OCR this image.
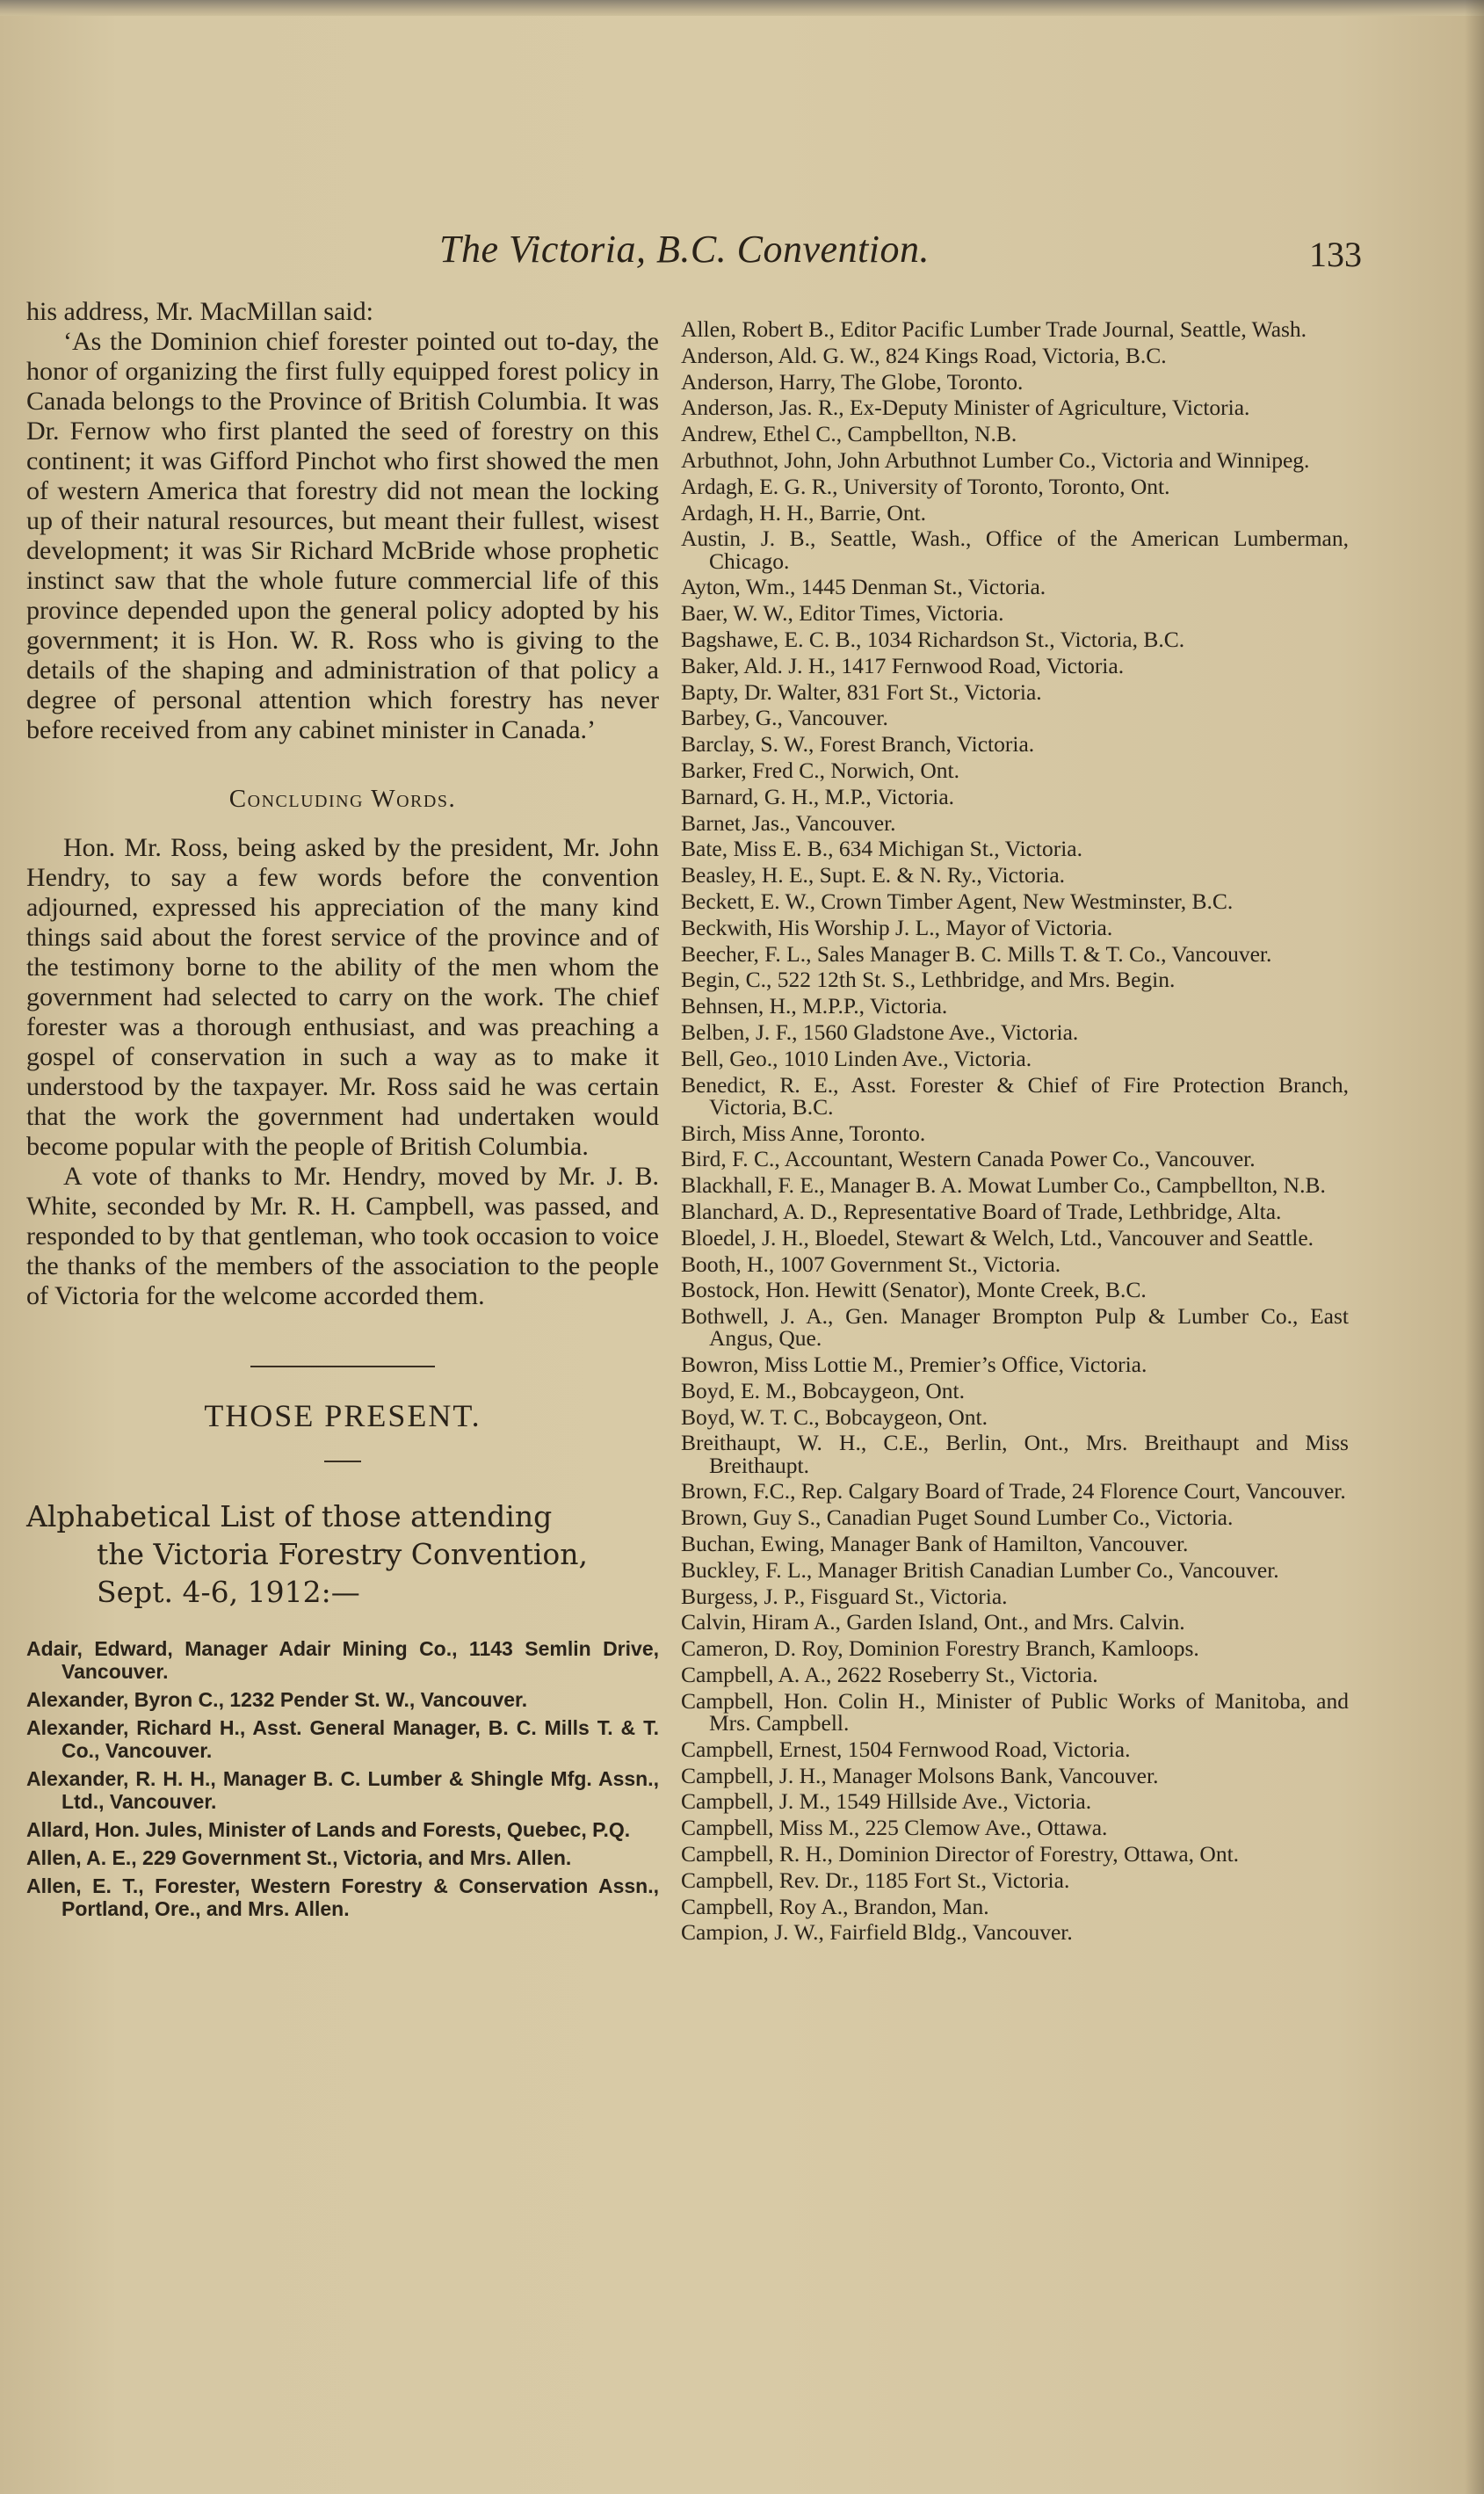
The Victoria, B.C. Convention.	133

his address, Mr. MacMillan said:

‘As the Dominion chief forester pointed out to-day, the honor of organizing the first fully equipped forest policy in Canada belongs to the Province of British Columbia. It was Dr. Fernow who first planted the seed of forestry on this continent; it was Gifford Pinchot who first showed the men of western America that forestry did not mean the locking up of their natural resources, but meant their fullest, wisest development; it was Sir Richard McBride whose prophetic instinct saw that the whole future commercial life of this province depended upon the general policy adopted by his government; it is Hon. W. R. Ross who is giving to the details of the shaping and administration of that policy a degree of personal attention which forestry has never before received from any cabinet minister in Canada.’

Concluding Words.

Hon. Mr. Ross, being asked by the president, Mr. John Hendry, to say a few words before the convention adjourned, expressed his appreciation of the many kind things said about the forest service of the province and of the testimony borne to the ability of the men whom the government had selected to carry on the work. The chief forester was a thorough enthusiast, and was preaching a gospel of conservation in such a way as to make it understood by the taxpayer. Mr. Ross said he was certain that the work the government had undertaken would become popular with the people of British Columbia.

A vote of thanks to Mr. Hendry, moved by Mr. J. B. White, seconded by Mr. R. H. Campbell, was passed, and responded to by that gentleman, who took occasion to voice the thanks of the members of the association to the people of Victoria for the welcome accorded them.

THOSE PRESENT.
Alphabetical List of those attending
the Victoria Forestry Convention,
Sept. 4-6, 1912:—

Adair, Edward, Manager Adair Mining Co., 1143 Semlin Drive, Vancouver.

Alexander, Byron C., 1232 Pender St. W., Vancouver.

Alexander, Richard H., Asst. General Manager, B. C. Mills T. & T. Co., Vancouver.

Alexander, R. H. H., Manager B. C. Lumber & Shingle Mfg. Assn., Ltd., Vancouver.

Allard, Hon. Jules, Minister of Lands and Forests, Quebec, P.Q.

Allen, A. E., 229 Government St., Victoria, and Mrs. Allen.

Allen, E. T., Forester, Western Forestry & Conservation Assn., Portland, Ore., and Mrs. Allen.

Allen, Robert B., Editor Pacific Lumber Trade Journal, Seattle, Wash.

Anderson, Ald. G. W., 824 Kings Road, Victoria, B.C.

Anderson, Harry, The Globe, Toronto.

Anderson, Jas. R., Ex-Deputy Minister of Agriculture, Victoria.

Andrew, Ethel C., Campbellton, N.B.

Arbuthnot, John, John Arbuthnot Lumber Co., Victoria and Winnipeg.

Ardagh, E. G. R., University of Toronto, Toronto, Ont.

Ardagh, H. H., Barrie, Ont.

Austin, J. B., Seattle, Wash., Office of the American Lumberman, Chicago.

Ayton, Wm., 1445 Denman St., Victoria.

Baer, W. W., Editor Times, Victoria.

Bagshawe, E. C. B., 1034 Richardson St., Victoria, B.C.

Baker, Ald. J. H., 1417 Fernwood Road, Victoria.

Bapty, Dr. Walter, 831 Fort St., Victoria.

Barbey, G., Vancouver.

Barclay, S. W., Forest Branch, Victoria.

Barker, Fred C., Norwich, Ont.

Barnard, G. H., M.P., Victoria.

Barnet, Jas., Vancouver.

Bate, Miss E. B., 634 Michigan St., Victoria.

Beasley, H. E., Supt. E. & N. Ry., Victoria.

Beckett, E. W., Crown Timber Agent, New Westminster, B.C.

Beckwith, His Worship J. L., Mayor of Victoria.

Beecher, F. L., Sales Manager B. C. Mills T. & T. Co., Vancouver.

Begin, C., 522 12th St. S., Lethbridge, and Mrs. Begin.

Behnsen, H., M.P.P., Victoria.

Belben, J. F., 1560 Gladstone Ave., Victoria.

Bell, Geo., 1010 Linden Ave., Victoria.

Benedict, R. E., Asst. Forester & Chief of Fire Protection Branch, Victoria, B.C.

Birch, Miss Anne, Toronto.

Bird, F. C., Accountant, Western Canada Power Co., Vancouver.

Blackhall, F. E., Manager B. A. Mowat Lumber Co., Campbellton, N.B.

Blanchard, A. D., Representative Board of Trade, Lethbridge, Alta.

Bloedel, J. H., Bloedel, Stewart & Welch, Ltd., Vancouver and Seattle.

Booth, H., 1007 Government St., Victoria.

Bostock, Hon. Hewitt (Senator), Monte Creek, B.C.

Bothwell, J. A., Gen. Manager Brompton Pulp & Lumber Co., East Angus, Que.

Bowron, Miss Lottie M., Premier’s Office, Victoria.

Boyd, E. M., Bobcaygeon, Ont.

Boyd, W. T. C., Bobcaygeon, Ont.

Breithaupt, W. H., C.E., Berlin, Ont., Mrs. Breithaupt and Miss Breithaupt.

Brown, F.C., Rep. Calgary Board of Trade, 24 Florence Court, Vancouver.

Brown, Guy S., Canadian Puget Sound Lumber Co., Victoria.

Buchan, Ewing, Manager Bank of Hamilton, Vancouver.

Buckley, F. L., Manager British Canadian Lumber Co., Vancouver.

Burgess, J. P., Fisguard St., Victoria.

Calvin, Hiram A., Garden Island, Ont., and Mrs. Calvin.

Cameron, D. Roy, Dominion Forestry Branch, Kamloops.

Campbell, A. A., 2622 Roseberry St., Victoria.

Campbell, Hon. Colin H., Minister of Public Works of Manitoba, and Mrs. Campbell.

Campbell, Ernest, 1504 Fernwood Road, Victoria.

Campbell, J. H., Manager Molsons Bank, Vancouver.

Campbell, J. M., 1549 Hillside Ave., Victoria.

Campbell, Miss M., 225 Clemow Ave., Ottawa.

Campbell, R. H., Dominion Director of Forestry, Ottawa, Ont.

Campbell, Rev. Dr., 1185 Fort St., Victoria.

Campbell, Roy A., Brandon, Man.

Campion, J. W., Fairfield Bldg., Vancouver.
